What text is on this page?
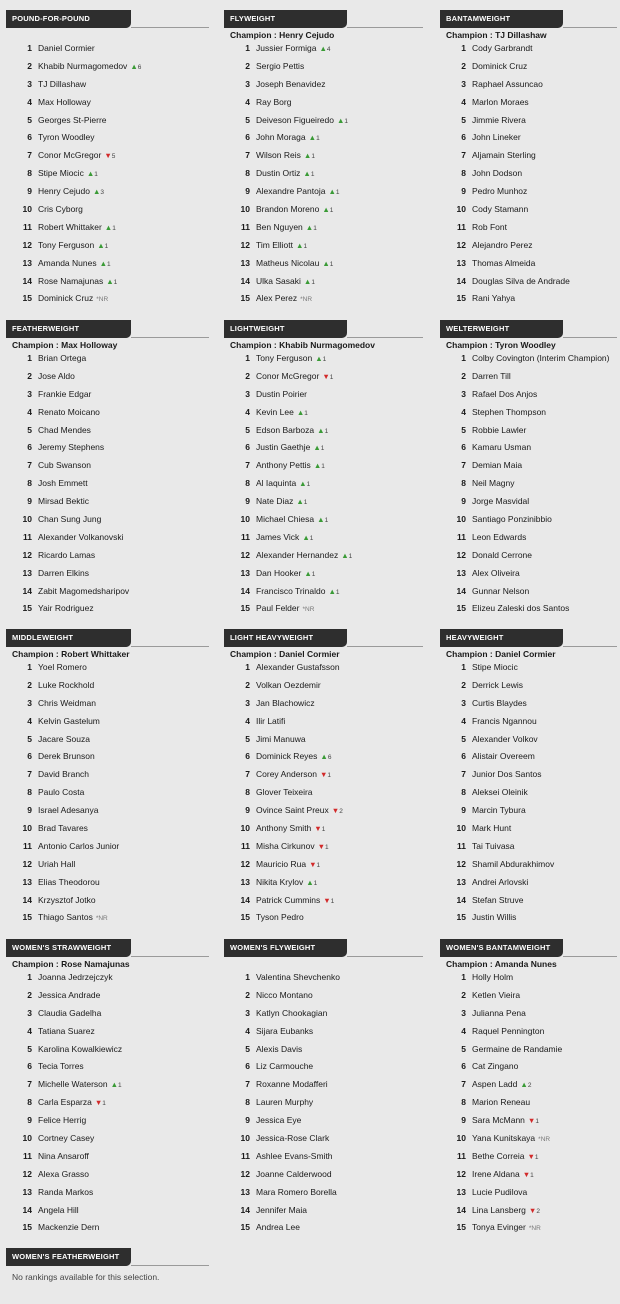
POUND-FOR-POUND
1 Daniel Cormier
2 Khabib Nurmagomedov ▲6
3 TJ Dillashaw
4 Max Holloway
5 Georges St-Pierre
6 Tyron Woodley
7 Conor McGregor ▼5
8 Stipe Miocic ▲1
9 Henry Cejudo ▲3
10 Cris Cyborg
11 Robert Whittaker ▲1
12 Tony Ferguson ▲1
13 Amanda Nunes ▲1
14 Rose Namajunas ▲1
15 Dominick Cruz *NR
FLYWEIGHT
Champion : Henry Cejudo
1 Jussier Formiga ▲4
2 Sergio Pettis
3 Joseph Benavidez
4 Ray Borg
5 Deiveson Figueiredo ▲1
6 John Moraga ▲1
7 Wilson Reis ▲1
8 Dustin Ortiz ▲1
9 Alexandre Pantoja ▲1
10 Brandon Moreno ▲1
11 Ben Nguyen ▲1
12 Tim Elliott ▲1
13 Matheus Nicolau ▲1
14 Ulka Sasaki ▲1
15 Alex Perez *NR
BANTAMWEIGHT
Champion : TJ Dillashaw
1 Cody Garbrandt
2 Dominick Cruz
3 Raphael Assuncao
4 Marlon Moraes
5 Jimmie Rivera
6 John Lineker
7 Aljamain Sterling
8 John Dodson
9 Pedro Munhoz
10 Cody Stamann
11 Rob Font
12 Alejandro Perez
13 Thomas Almeida
14 Douglas Silva de Andrade
15 Rani Yahya
FEATHERWEIGHT
Champion : Max Holloway
1 Brian Ortega
2 Jose Aldo
3 Frankie Edgar
4 Renato Moicano
5 Chad Mendes
6 Jeremy Stephens
7 Cub Swanson
8 Josh Emmett
9 Mirsad Bektic
10 Chan Sung Jung
11 Alexander Volkanovski
12 Ricardo Lamas
13 Darren Elkins
14 Zabit Magomedsharipov
15 Yair Rodriguez
LIGHTWEIGHT
Champion : Khabib Nurmagomedov
1 Tony Ferguson ▲1
2 Conor McGregor ▼1
3 Dustin Poirier
4 Kevin Lee ▲1
5 Edson Barboza ▲1
6 Justin Gaethje ▲1
7 Anthony Pettis ▲1
8 Al Iaquinta ▲1
9 Nate Diaz ▲1
10 Michael Chiesa ▲1
11 James Vick ▲1
12 Alexander Hernandez ▲1
13 Dan Hooker ▲1
14 Francisco Trinaldo ▲1
15 Paul Felder *NR
WELTERWEIGHT
Champion : Tyron Woodley
1 Colby Covington (Interim Champion)
2 Darren Till
3 Rafael Dos Anjos
4 Stephen Thompson
5 Robbie Lawler
6 Kamaru Usman
7 Demian Maia
8 Neil Magny
9 Jorge Masvidal
10 Santiago Ponzinibbio
11 Leon Edwards
12 Donald Cerrone
13 Alex Oliveira
14 Gunnar Nelson
15 Elizeu Zaleski dos Santos
MIDDLEWEIGHT
Champion : Robert Whittaker
1 Yoel Romero
2 Luke Rockhold
3 Chris Weidman
4 Kelvin Gastelum
5 Jacare Souza
6 Derek Brunson
7 David Branch
8 Paulo Costa
9 Israel Adesanya
10 Brad Tavares
11 Antonio Carlos Junior
12 Uriah Hall
13 Elias Theodorou
14 Krzysztof Jotko
15 Thiago Santos *NR
LIGHT HEAVYWEIGHT
Champion : Daniel Cormier
1 Alexander Gustafsson
2 Volkan Oezdemir
3 Jan Blachowicz
4 Ilir Latifi
5 Jimi Manuwa
6 Dominick Reyes ▲6
7 Corey Anderson ▼1
8 Glover Teixeira
9 Ovince Saint Preux ▼2
10 Anthony Smith ▼1
11 Misha Cirkunov ▼1
12 Mauricio Rua ▼1
13 Nikita Krylov ▲1
14 Patrick Cummins ▼1
15 Tyson Pedro
HEAVYWEIGHT
Champion : Daniel Cormier
1 Stipe Miocic
2 Derrick Lewis
3 Curtis Blaydes
4 Francis Ngannou
5 Alexander Volkov
6 Alistair Overeem
7 Junior Dos Santos
8 Aleksei Oleinik
9 Marcin Tybura
10 Mark Hunt
11 Tai Tuivasa
12 Shamil Abdurakhimov
13 Andrei Arlovski
14 Stefan Struve
15 Justin Willis
WOMEN'S STRAWWEIGHT
Champion : Rose Namajunas
1 Joanna Jedrzejczyk
2 Jessica Andrade
3 Claudia Gadelha
4 Tatiana Suarez
5 Karolina Kowalkiewicz
6 Tecia Torres
7 Michelle Waterson ▲1
8 Carla Esparza ▼1
9 Felice Herrig
10 Cortney Casey
11 Nina Ansaroff
12 Alexa Grasso
13 Randa Markos
14 Angela Hill
15 Mackenzie Dern
WOMEN'S FLYWEIGHT
1 Valentina Shevchenko
2 Nicco Montano
3 Katlyn Chookagian
4 Sijara Eubanks
5 Alexis Davis
6 Liz Carmouche
7 Roxanne Modafferi
8 Lauren Murphy
9 Jessica Eye
10 Jessica-Rose Clark
11 Ashlee Evans-Smith
12 Joanne Calderwood
13 Mara Romero Borella
14 Jennifer Maia
15 Andrea Lee
WOMEN'S BANTAMWEIGHT
Champion : Amanda Nunes
1 Holly Holm
2 Ketlen Vieira
3 Julianna Pena
4 Raquel Pennington
5 Germaine de Randamie
6 Cat Zingano
7 Aspen Ladd ▲2
8 Marion Reneau
9 Sara McMann ▼1
10 Yana Kunitskaya *NR
11 Bethe Correia ▼1
12 Irene Aldana ▼1
13 Lucie Pudilova
14 Lina Lansberg ▼2
15 Tonya Evinger *NR
WOMEN'S FEATHERWEIGHT
No rankings available for this selection.
